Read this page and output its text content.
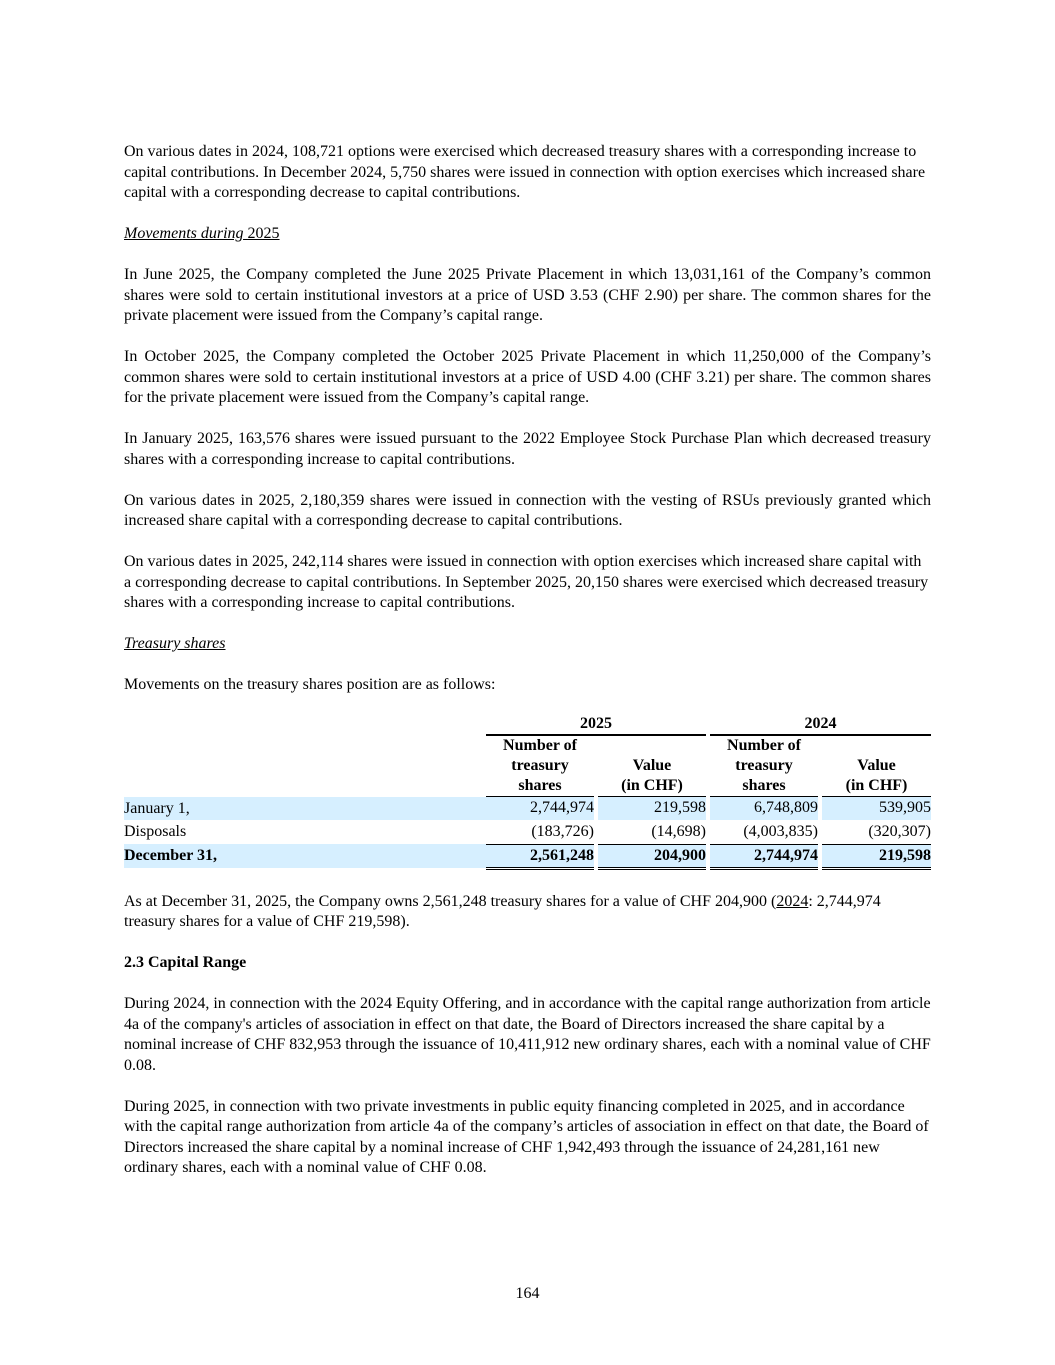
On various dates in 2024, 108,721 options were exercised which decreased treasury shares with a corresponding increase to capital contributions. In December 2024, 5,750 shares were issued in connection with option exercises which increased share capital with a corresponding decrease to capital contributions.

Movements during 2025

In June 2025, the Company completed the June 2025 Private Placement in which 13,031,161 of the Company’s common shares were sold to certain institutional investors at a price of USD 3.53 (CHF 2.90) per share. The common shares for the private placement were issued from the Company’s capital range.

In October 2025, the Company completed the October 2025 Private Placement in which 11,250,000 of the Company’s common shares were sold to certain institutional investors at a price of USD 4.00 (CHF 3.21) per share. The common shares for the private placement were issued from the Company’s capital range.

In January 2025, 163,576 shares were issued pursuant to the 2022 Employee Stock Purchase Plan which decreased treasury shares with a corresponding increase to capital contributions.

On various dates in 2025, 2,180,359 shares were issued in connection with the vesting of RSUs previously granted which increased share capital with a corresponding decrease to capital contributions.

On various dates in 2025, 242,114 shares were issued in connection with option exercises which increased share capital with a corresponding decrease to capital contributions. In September 2025, 20,150 shares were exercised which decreased treasury shares with a corresponding increase to capital contributions.

Treasury shares

Movements on the treasury shares position are as follows:

	2025				2024		
	Number of
treasury
shares		Value
(in CHF)		Number of
treasury
shares		Value
(in CHF)
January 1,	2,744,974		219,598		6,748,809		539,905
Disposals	(183,726)		(14,698)		(4,003,835)		(320,307)
December 31,	2,561,248		204,900		2,744,974		219,598

As at December 31, 2025, the Company owns 2,561,248 treasury shares for a value of CHF 204,900 (2024: 2,744,974 treasury shares for a value of CHF 219,598).

2.3 Capital Range

During 2024, in connection with the 2024 Equity Offering, and in accordance with the capital range authorization from article 4a of the company's articles of association in effect on that date, the Board of Directors increased the share capital by a nominal increase of CHF 832,953 through the issuance of 10,411,912 new ordinary shares, each with a nominal value of CHF 0.08.

During 2025, in connection with two private investments in public equity financing completed in 2025, and in accordance with the capital range authorization from article 4a of the company’s articles of association in effect on that date, the Board of Directors increased the share capital by a nominal increase of CHF 1,942,493 through the issuance of 24,281,161 new ordinary shares, each with a nominal value of CHF 0.08.

164
